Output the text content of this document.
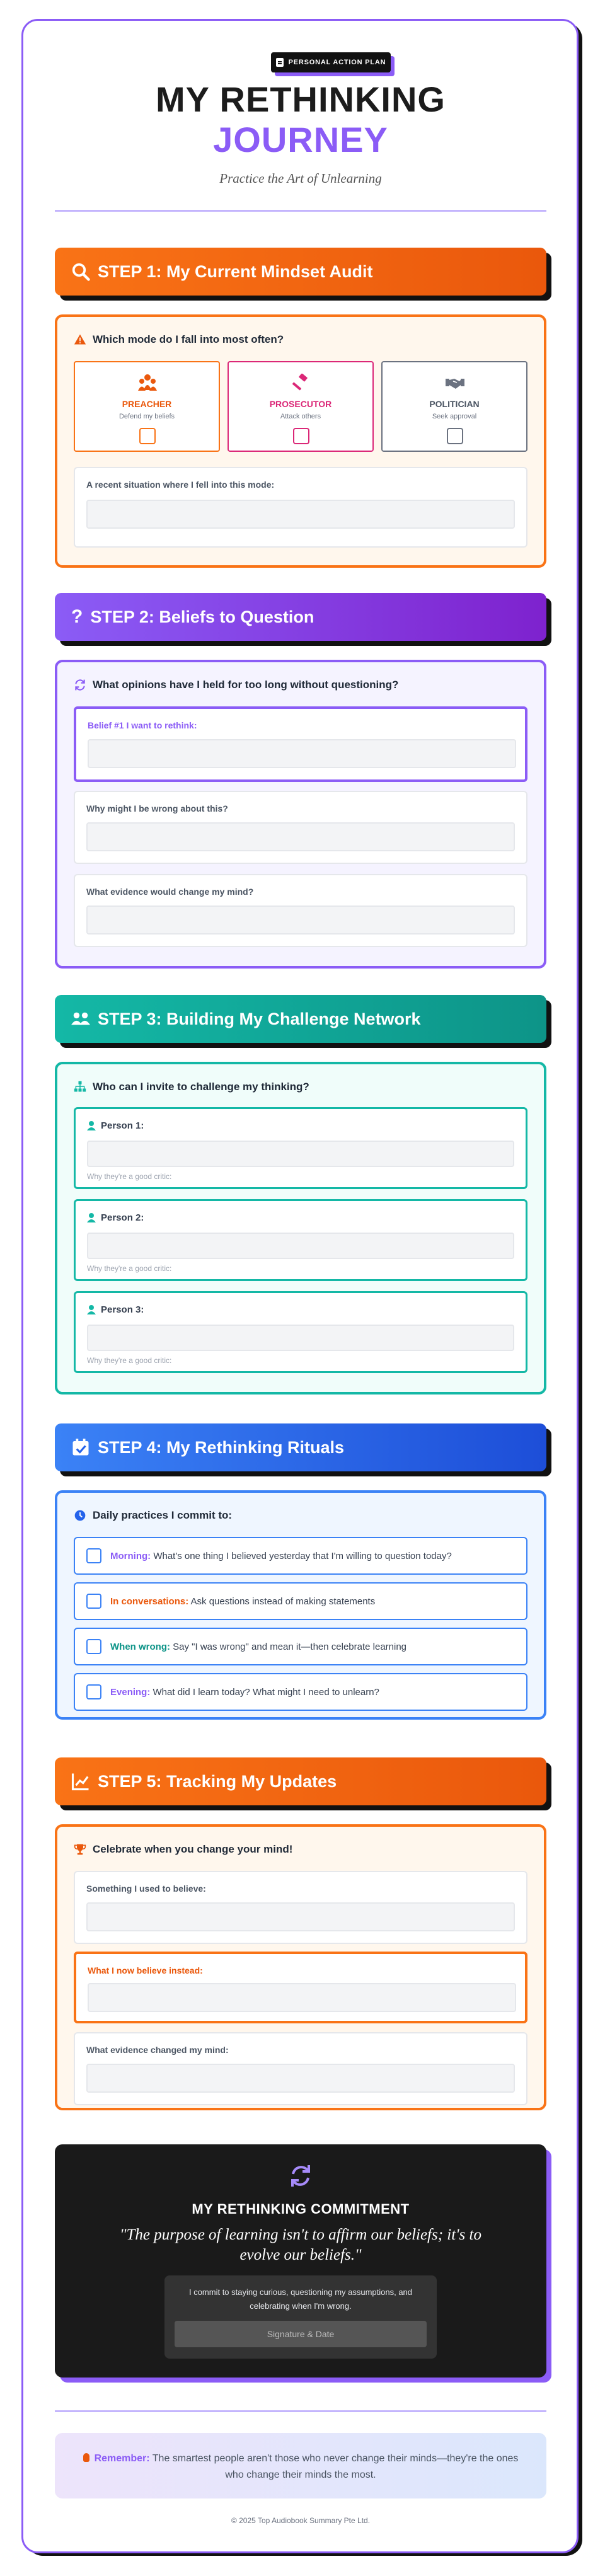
PERSONAL ACTION PLAN
MY RETHINKING
JOURNEY
Practice the Art of Unlearning
STEP 1: My Current Mindset Audit
Which mode do I fall into most often?
PREACHER
Defend my beliefs
PROSECUTOR
Attack others
POLITICIAN
Seek approval
A recent situation where I fell into this mode:
? STEP 2: Beliefs to Question
What opinions have I held for too long without questioning?
Belief #1 I want to rethink:
Why might I be wrong about this?
What evidence would change my mind?
STEP 3: Building My Challenge Network
Who can I invite to challenge my thinking?
Person 1:
Why they're a good critic:
Person 2:
Why they're a good critic:
Person 3:
Why they're a good critic:
STEP 4: My Rethinking Rituals
Daily practices I commit to:
Morning: What's one thing I believed yesterday that I'm willing to question today?
In conversations: Ask questions instead of making statements
When wrong: Say "I was wrong" and mean it—then celebrate learning
Evening: What did I learn today? What might I need to unlearn?
STEP 5: Tracking My Updates
Celebrate when you change your mind!
Something I used to believe:
What I now believe instead:
What evidence changed my mind:
MY RETHINKING COMMITMENT
"The purpose of learning isn't to affirm our beliefs; it's to evolve our beliefs."
I commit to staying curious, questioning my assumptions, and celebrating when I'm wrong.
Signature & Date
Remember: The smartest people aren't those who never change their minds—they're the ones who change their minds the most.
© 2025 Top Audiobook Summary Pte Ltd.
